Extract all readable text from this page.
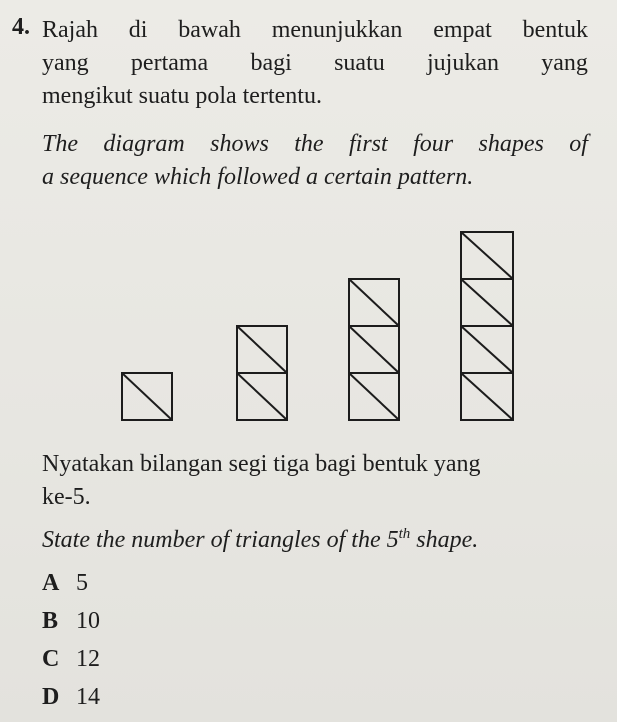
4. Rajah di bawah menunjukkan empat bentuk
yang pertama bagi suatu jujukan yang
mengikut suatu pola tertentu.
The diagram shows the first four shapes of
a sequence which followed a certain pattern.
Nyatakan bilangan segi tiga bagi bentuk yang
ke-5.
State the number of triangles of the 5th shape.
A 5
B 10
C 12
D 14
